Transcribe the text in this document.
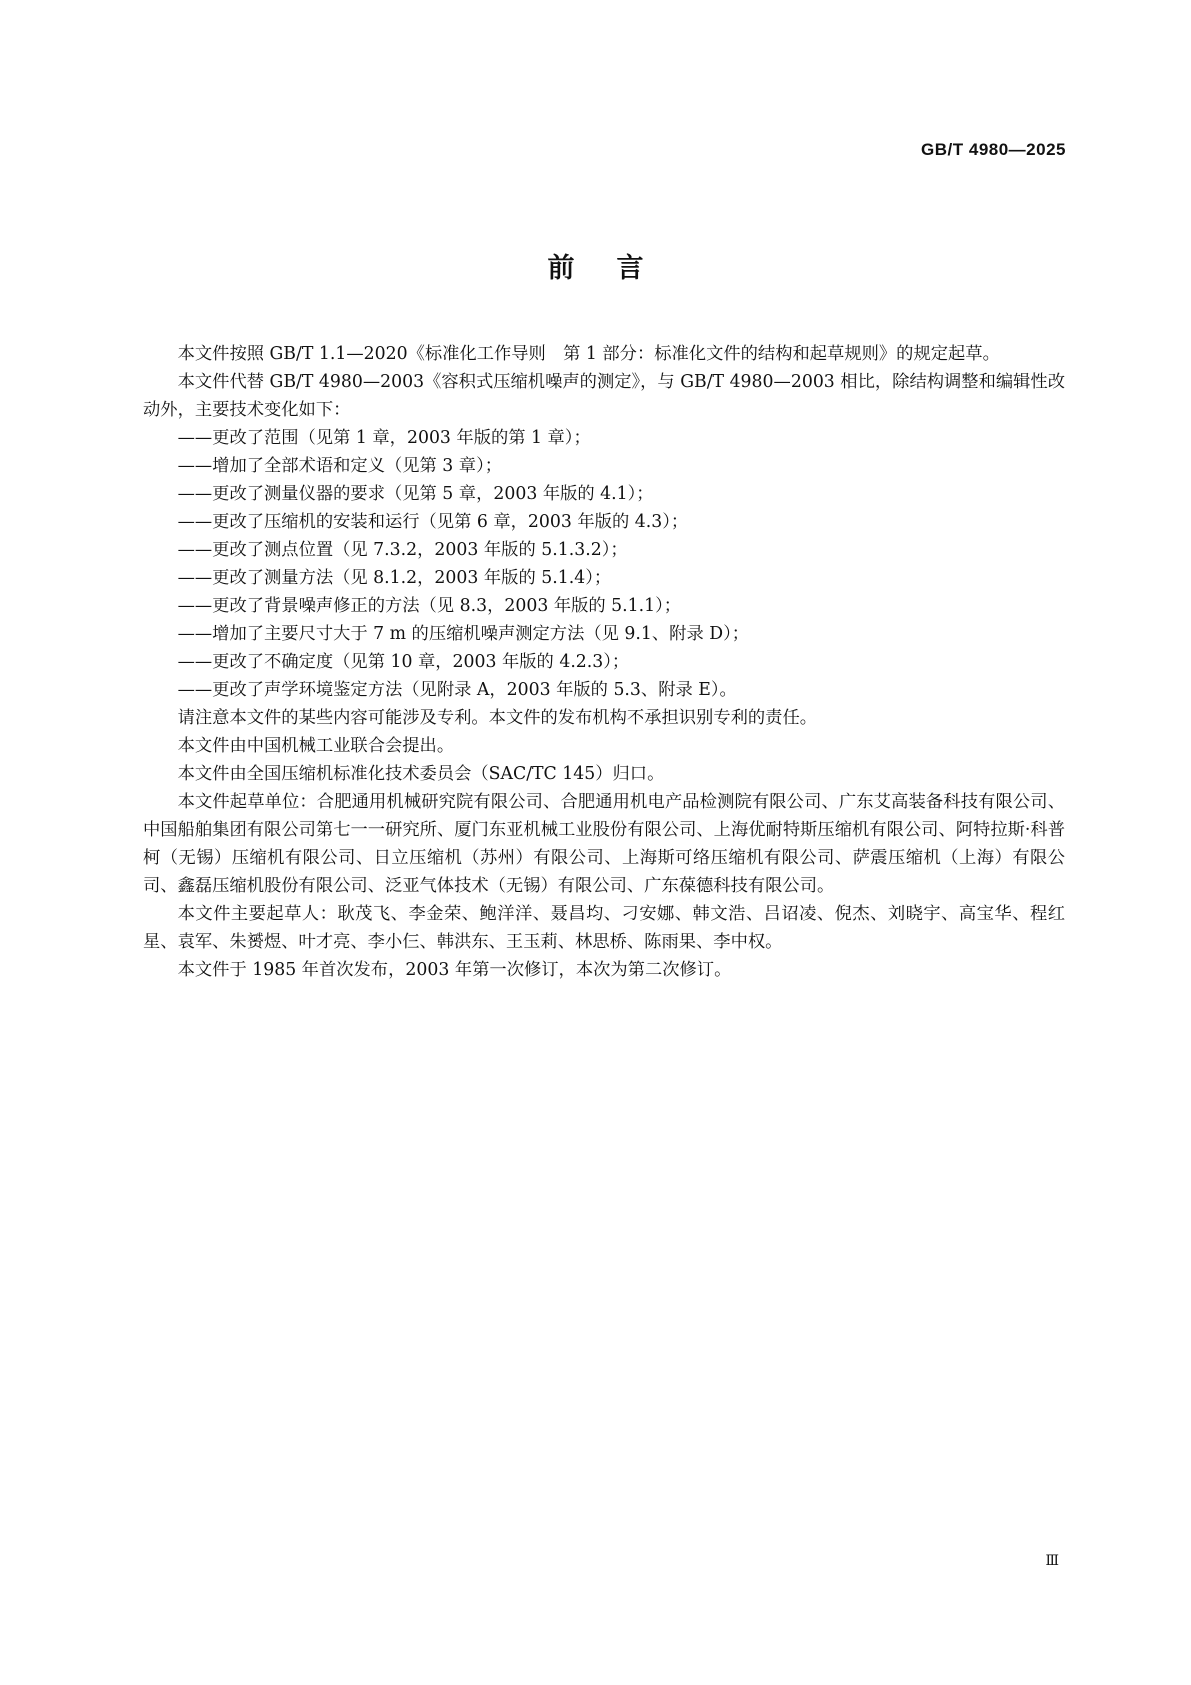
GB/T 4980—2025
前言

本文件按照 GB/T 1.1—2020《标准化工作导则　第 1 部分：标准化文件的结构和起草规则》的规定起草。

本文件代替 GB/T 4980—2003《容积式压缩机噪声的测定》，与 GB/T 4980—2003 相比，除结构调整和编辑性改动外，主要技术变化如下：

——更改了范围（见第 1 章，2003 年版的第 1 章）；
——增加了全部术语和定义（见第 3 章）；
——更改了测量仪器的要求（见第 5 章，2003 年版的 4.1）；
——更改了压缩机的安装和运行（见第 6 章，2003 年版的 4.3）；
——更改了测点位置（见 7.3.2，2003 年版的 5.1.3.2）；
——更改了测量方法（见 8.1.2，2003 年版的 5.1.4）；
——更改了背景噪声修正的方法（见 8.3，2003 年版的 5.1.1）；
——增加了主要尺寸大于 7 m 的压缩机噪声测定方法（见 9.1、附录 D）；
——更改了不确定度（见第 10 章，2003 年版的 4.2.3）；
——更改了声学环境鉴定方法（见附录 A，2003 年版的 5.3、附录 E）。

请注意本文件的某些内容可能涉及专利。本文件的发布机构不承担识别专利的责任。

本文件由中国机械工业联合会提出。

本文件由全国压缩机标准化技术委员会（SAC/TC 145）归口。

本文件起草单位：合肥通用机械研究院有限公司、合肥通用机电产品检测院有限公司、广东艾高装备科技有限公司、中国船舶集团有限公司第七一一研究所、厦门东亚机械工业股份有限公司、上海优耐特斯压缩机有限公司、阿特拉斯·科普柯（无锡）压缩机有限公司、日立压缩机（苏州）有限公司、上海斯可络压缩机有限公司、萨震压缩机（上海）有限公司、鑫磊压缩机股份有限公司、泛亚气体技术（无锡）有限公司、广东葆德科技有限公司。

本文件主要起草人：耿茂飞、李金荣、鲍洋洋、聂昌均、刁安娜、韩文浩、吕诏凌、倪杰、刘晓宇、高宝华、程红星、袁军、朱赟煜、叶才亮、李小仨、韩洪东、王玉莉、林思桥、陈雨果、李中权。

本文件于 1985 年首次发布，2003 年第一次修订，本次为第二次修订。

Ⅲ
